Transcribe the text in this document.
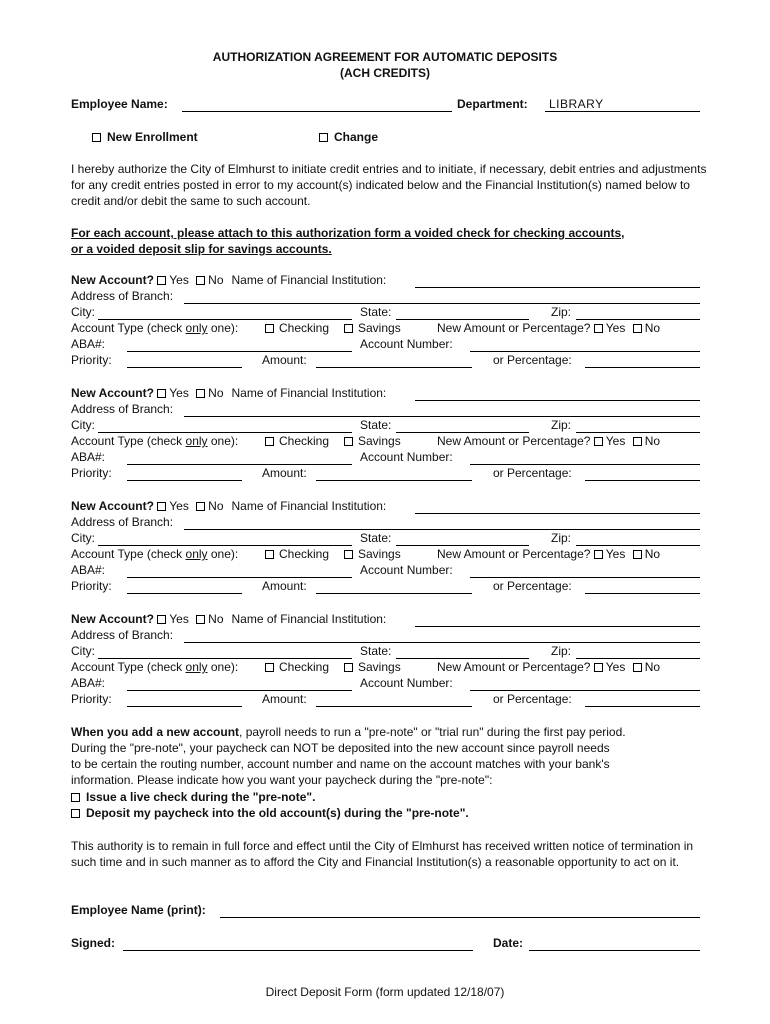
AUTHORIZATION AGREEMENT FOR AUTOMATIC DEPOSITS
(ACH CREDITS)
Employee Name:	Department: LIBRARY
New Enrollment	Change
I hereby authorize the City of Elmhurst to initiate credit entries and to initiate, if necessary, debit entries and adjustments for any credit entries posted in error to my account(s) indicated below and the Financial Institution(s) named below to credit and/or debit the same to such account.
For each account, please attach to this authorization form a voided check for checking accounts,
or a voided deposit slip for savings accounts.
New Account? Yes No Name of Financial Institution:
Address of Branch:
City:	State:	Zip:
Account Type (check only one):	Checking	Savings	New Amount or Percentage? Yes No
ABA#:	Account Number:
Priority:	Amount:	or Percentage:
New Account? Yes No Name of Financial Institution:
Address of Branch:
City:	State:	Zip:
Account Type (check only one):	Checking	Savings	New Amount or Percentage? Yes No
ABA#:	Account Number:
Priority:	Amount:	or Percentage:
New Account? Yes No Name of Financial Institution:
Address of Branch:
City:	State:	Zip:
Account Type (check only one):	Checking	Savings	New Amount or Percentage? Yes No
ABA#:	Account Number:
Priority:	Amount:	or Percentage:
New Account? Yes No Name of Financial Institution:
Address of Branch:
City:	State:	Zip:
Account Type (check only one):	Checking	Savings	New Amount or Percentage? Yes No
ABA#:	Account Number:
Priority:	Amount:	or Percentage:
When you add a new account, payroll needs to run a "pre-note" or "trial run" during the first pay period.
During the "pre-note", your paycheck can NOT be deposited into the new account since payroll needs
to be certain the routing number, account number and name on the account matches with your bank's
information. Please indicate how you want your paycheck during the "pre-note":
Issue a live check during the "pre-note".
Deposit my paycheck into the old account(s) during the "pre-note".
This authority is to remain in full force and effect until the City of Elmhurst has received written notice of termination in such time and in such manner as to afford the City and Financial Institution(s) a reasonable opportunity to act on it.
Employee Name (print):
Signed:	Date:
Direct Deposit Form (form updated 12/18/07)
